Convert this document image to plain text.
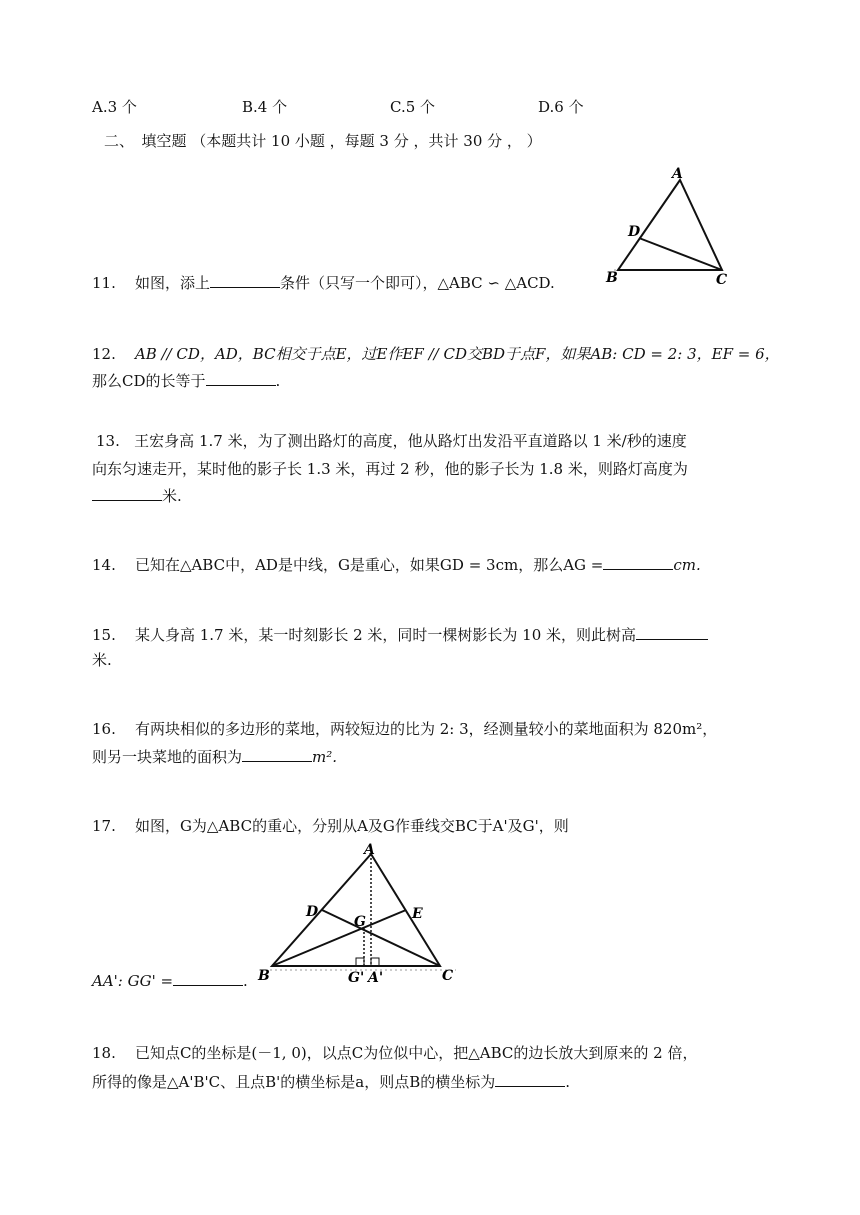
A.3 个	B.4 个	C.5 个	D.6 个
二、　填空题 （本题共计 10 小题 ，每题 3 分 ，共计 30 分 ， ）
A
B	C
D
11. 如图，添上	条件（只写一个即可），△ABC ∽ △ACD.
12. AB // CD，AD，BC相交于点E，过E作EF // CD交BD于点F，如果AB: CD = 2: 3，EF = 6，
那么CD的长等于	.
13. 王宏身高 1.7 米，为了测出路灯的高度，他从路灯出发沿平直道路以 1 米/秒的速度
向东匀速走开，某时他的影子长 1.3 米，再过 2 秒，他的影子长为 1.8 米，则路灯高度为
米.
14. 已知在△ABC中，AD是中线，G是重心，如果GD = 3cm，那么AG =	cm.
15. 某人身高 1.7 米，某一时刻影长 2 米，同时一棵树影长为 10 米，则此树高
米.
16. 有两块相似的多边形的菜地，两较短边的比为 2: 3，经测量较小的菜地面积为 820m²，
则另一块菜地的面积为	m².
17. 如图，G为△ABC的重心，分别从A及G作垂线交BC于A'及G'，则
A
B	C
D	E
G
G' A'
AA': GG' =	.
18. 已知点C的坐标是(－1, 0)，以点C为位似中心，把△ABC的边长放大到原来的 2 倍，
所得的像是△A'B'C、且点B'的横坐标是a，则点B的横坐标为	.
